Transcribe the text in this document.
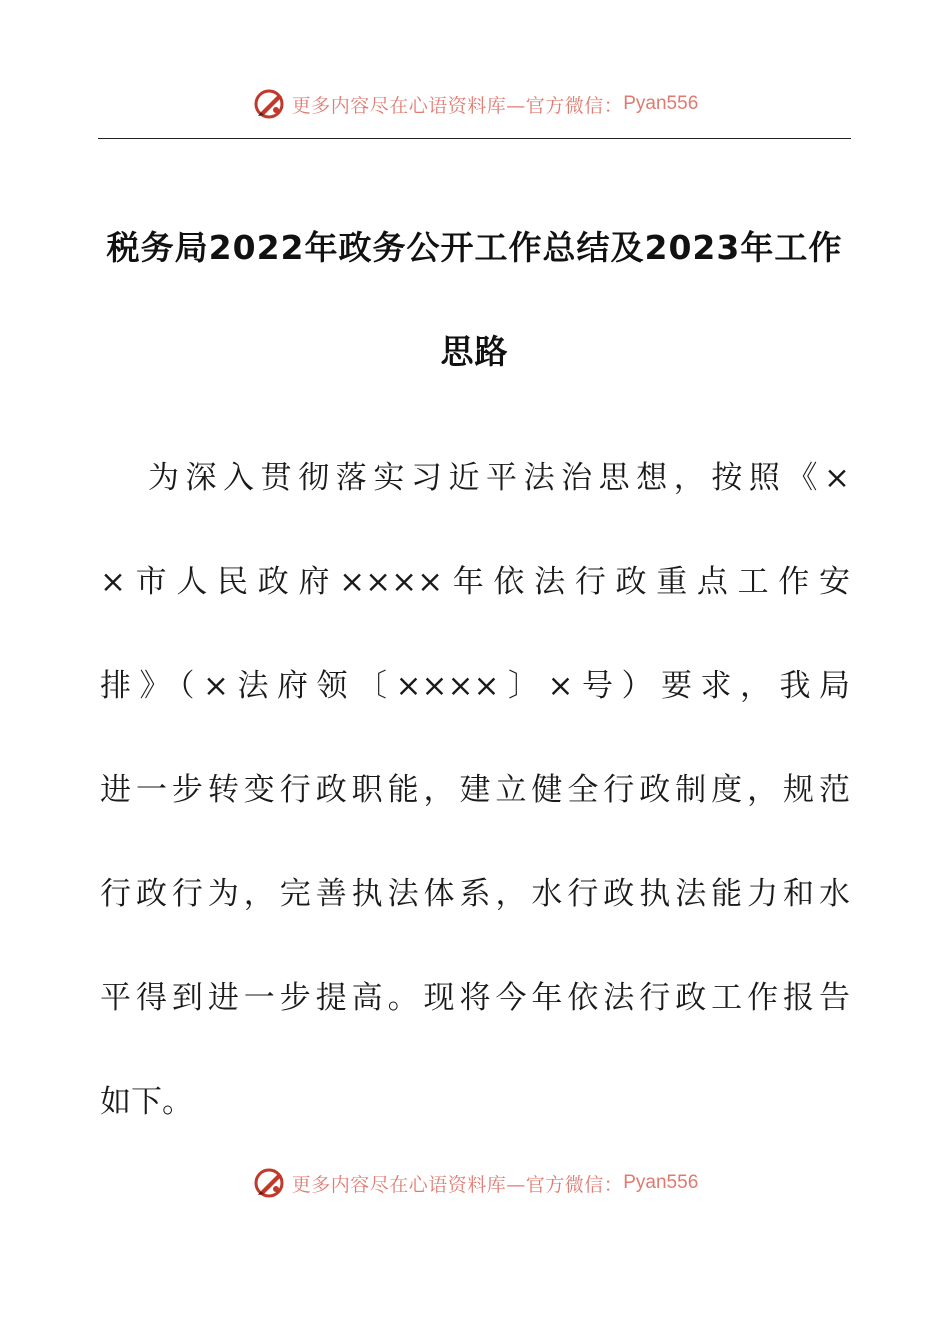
更多内容尽在心语资料库—官方微信： Pyan556
税务局2022年政务公开工作总结及2023年工作
思路
为深入贯彻落实习近平法治思想，按照《×
×市人民政府××××年依法行政重点工作安
排》（×法府领〔××××〕×号）要求，我局
进一步转变行政职能，建立健全行政制度，规范
行政行为，完善执法体系，水行政执法能力和水
平得到进一步提高。现将今年依法行政工作报告
如下。
更多内容尽在心语资料库—官方微信： Pyan556
